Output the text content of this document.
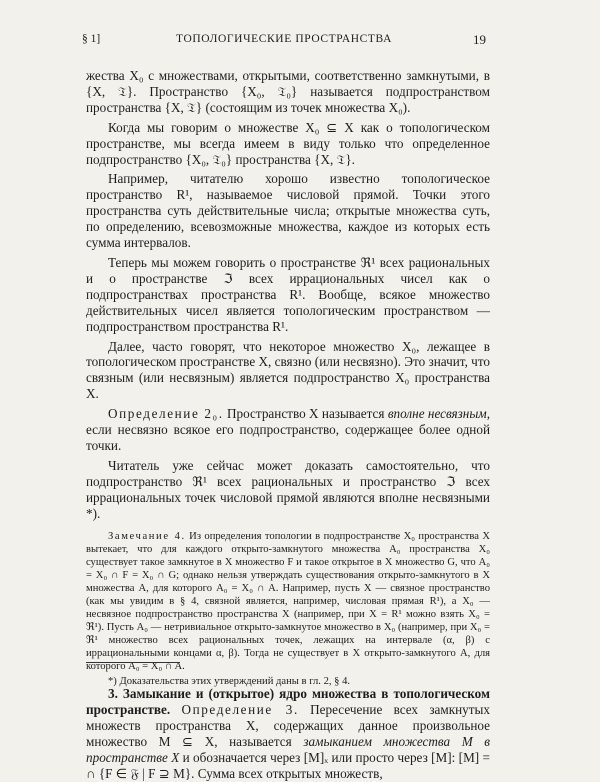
§ 1]	ТОПОЛОГИЧЕСКИЕ ПРОСТРАНСТВА	19

жества X₀ с множествами, открытыми, соответственно замкнутыми, в {X, 𝔗}. Пространство {X₀, 𝔗₀} называется подпространством пространства {X, 𝔗} (состоящим из точек множества X₀).

Когда мы говорим о множестве X₀ ⊆ X как о топологическом пространстве, мы всегда имеем в виду только что определенное подпространство {X₀, 𝔗₀} пространства {X, 𝔗}.

Например, читателю хорошо известно топологическое пространство R¹, называемое числовой прямой. Точки этого пространства суть действительные числа; открытые множества суть, по определению, всевозможные множества, каждое из которых есть сумма интервалов.

Теперь мы можем говорить о пространстве ℜ¹ всех рациональных и о пространстве ℑ всех иррациональных чисел как о подпространствах пространства R¹. Вообще, всякое множество действительных чисел является топологическим пространством — подпространством пространства R¹.

Далее, часто говорят, что некоторое множество X₀, лежащее в топологическом пространстве X, связно (или несвязно). Это значит, что связным (или несвязным) является подпространство X₀ пространства X.

Определение 2₀. Пространство X называется вполне несвязным, если несвязно всякое его подпространство, содержащее более одной точки.

Читатель уже сейчас может доказать самостоятельно, что подпространство ℜ¹ всех рациональных и пространство ℑ всех иррациональных точек числовой прямой являются вполне несвязными *).

Замечание 4. Из определения топологии в подпространстве X₀ пространства X вытекает, что для каждого открыто-замкнутого множества A₀ пространства X₀ существует такое замкнутое в X множество F и такое открытое в X множество G, что A₀ = X₀ ∩ F = X₀ ∩ G; однако нельзя утверждать существования открыто-замкнутого в X множества A, для которого A₀ = X₀ ∩ A. Например, пусть X — связное пространство (как мы увидим в § 4, связной является, например, числовая прямая R¹), а X₀ — несвязное подпространство пространства X (например, при X = R¹ можно взять X₀ = ℜ¹). Пусть A₀ — нетривиальное открыто-замкнутое множество в X₀ (например, при X₀ = ℜ¹ множество всех рациональных точек, лежащих на интервале (α, β) с иррациональными концами α, β). Тогда не существует в X открыто-замкнутого A, для которого A₀ = X₀ ∩ A.

3. Замыкание и (открытое) ядро множества в топологическом пространстве. Определение 3. Пересечение всех замкнутых множеств пространства X, содержащих данное произвольное множество M ⊆ X, называется замыканием множества M в пространстве X и обозначается через [M]ₓ или просто через [M]: [M] = ∩ {F ∈ 𝔉 | F ⊇ M}. Сумма всех открытых множеств,

*) Доказательства этих утверждений даны в гл. 2, § 4.
